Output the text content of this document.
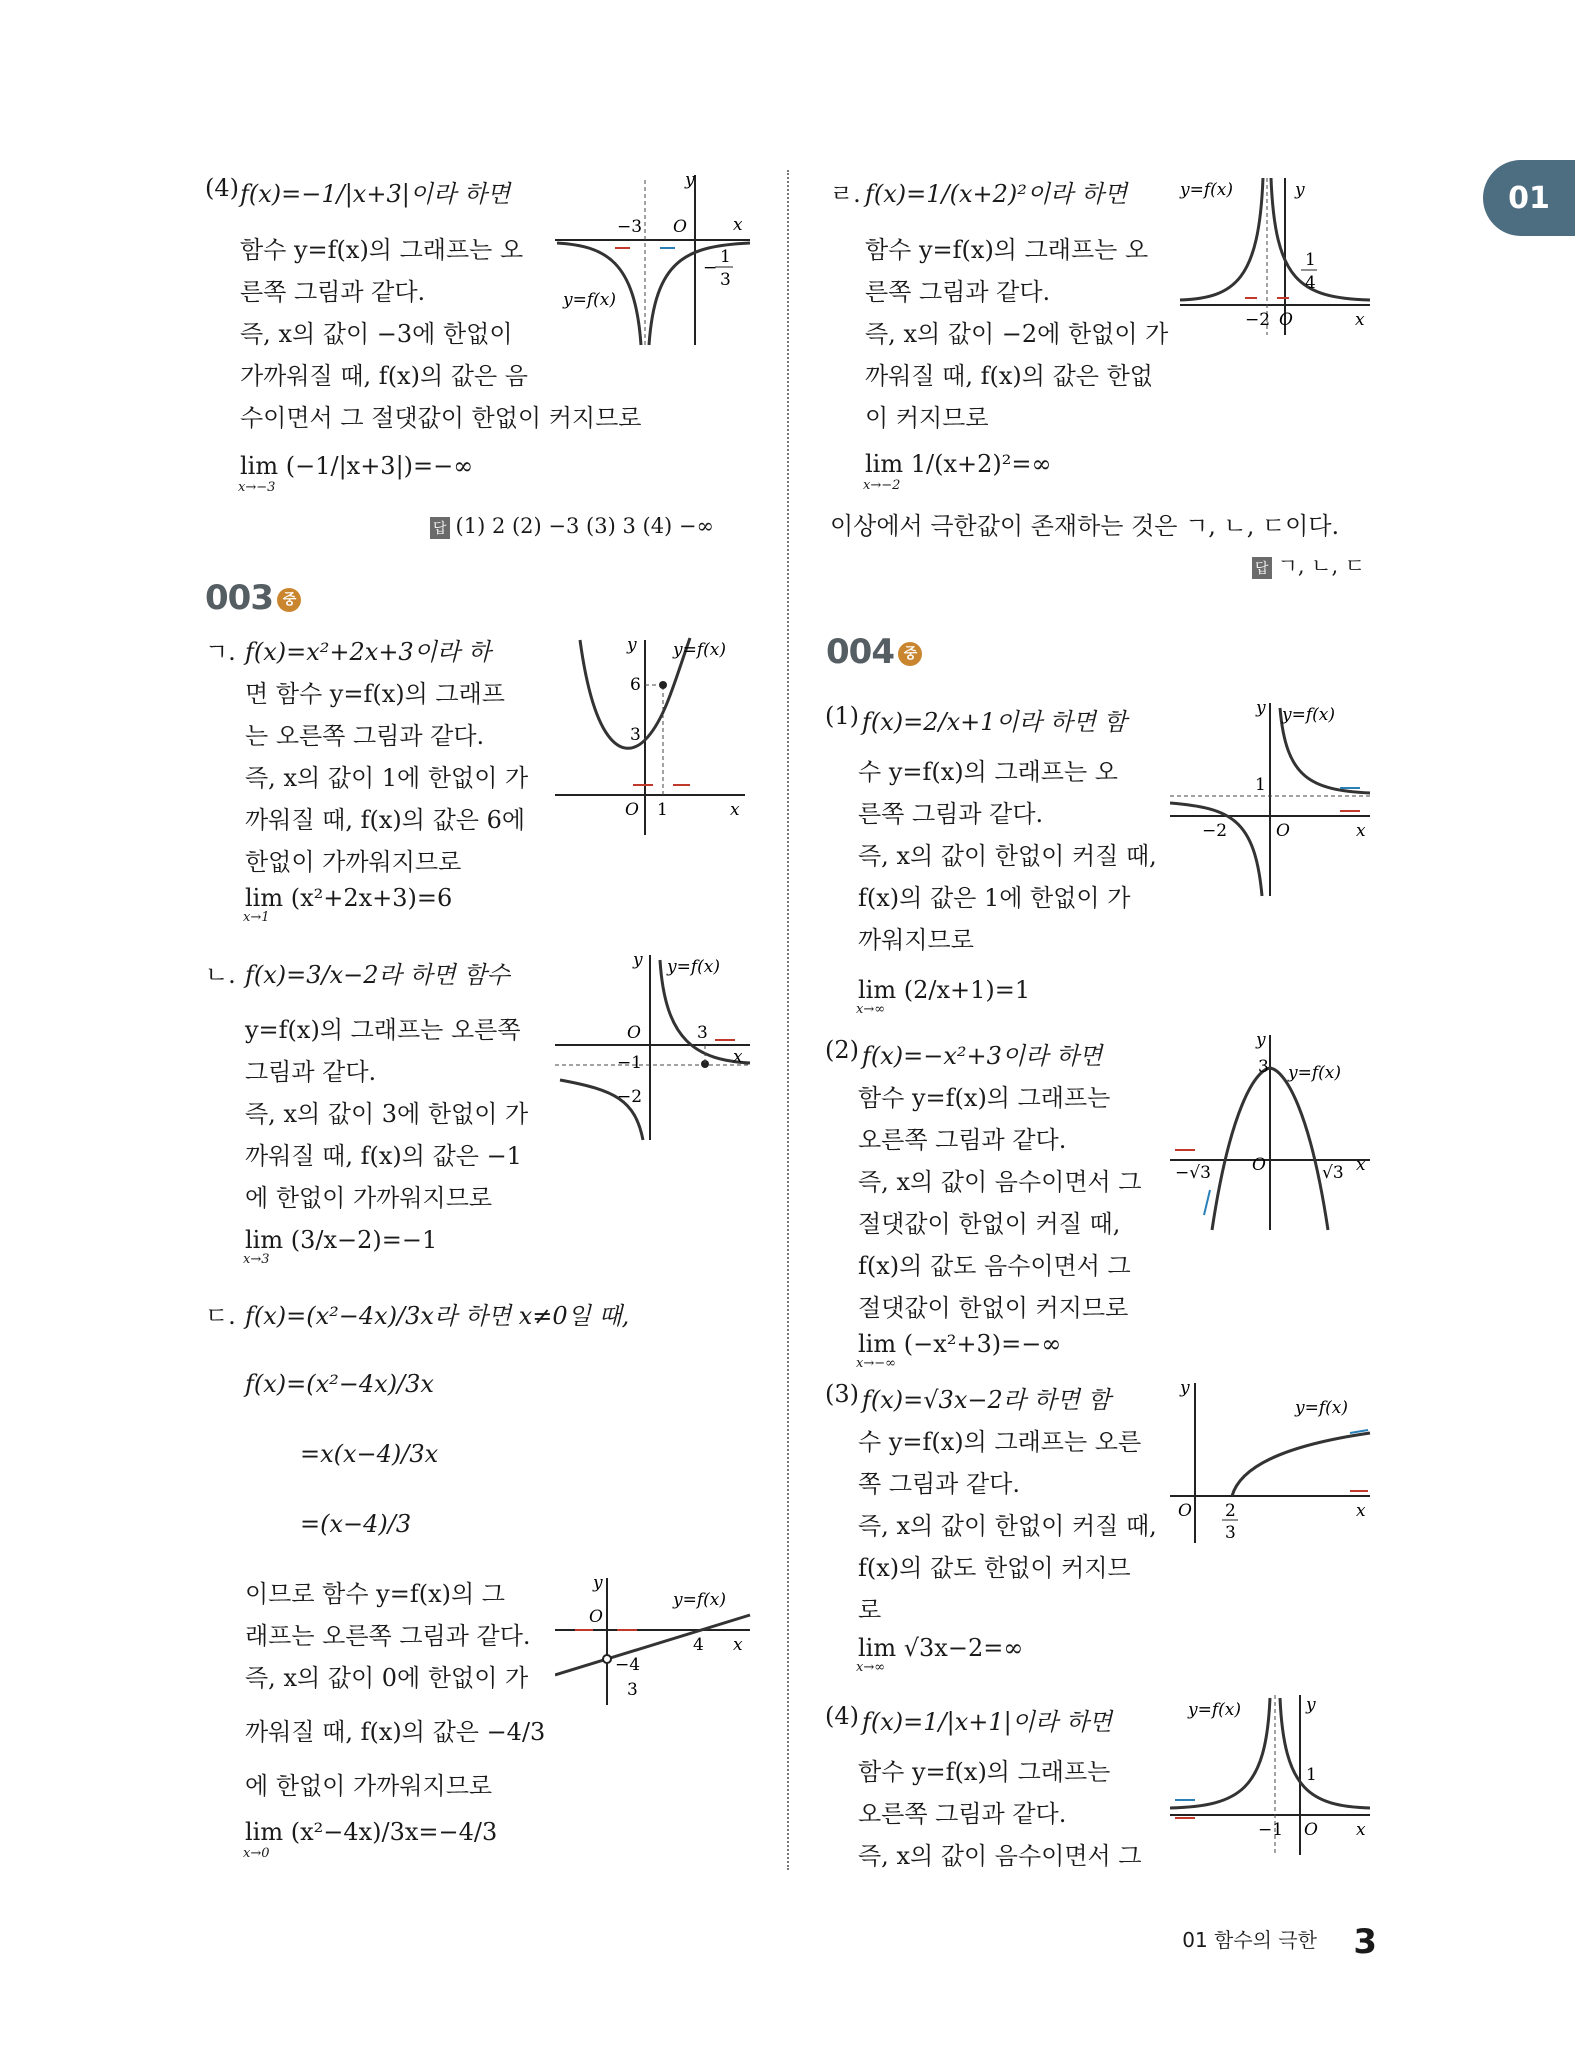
01
(4) f(x)=−1/|x+3|이라 하면
함수 y=f(x)의 그래프는 오
른쪽 그림과 같다.
즉, x의 값이 −3에 한없이
가까워질 때, f(x)의 값은 음
수이면서 그 절댓값이 한없이 커지므로
lim (−1/|x+3|)=−∞
x→−3
−3 O	x
y
y=f(x)
1
3
−
답 (1) 2 (2) −3 (3) 3 (4) −∞
003 중
ㄱ. f(x)=x²+2x+3이라 하
면 함수 y=f(x)의 그래프
는 오른쪽 그림과 같다.
즉, x의 값이 1에 한없이 가
까워질 때, f(x)의 값은 6에
한없이 가까워지므로
lim (x²+2x+3)=6
x→1
6
3
O 1	x
y y=f(x)
ㄴ. f(x)=3/x−2라 하면 함수
y=f(x)의 그래프는 오른쪽
그림과 같다.
즉, x의 값이 3에 한없이 가
까워질 때, f(x)의 값은 −1
에 한없이 가까워지므로
lim (3/x−2)=−1
x→3
O	3
−1
−2
x
y y=f(x)
ㄷ. f(x)=(x²−4x)/3x라 하면 x≠0일 때,
f(x)=(x²−4x)/3x
=x(x−4)/3x
=(x−4)/3
이므로 함수 y=f(x)의 그
래프는 오른쪽 그림과 같다.
즉, x의 값이 0에 한없이 가
까워질 때, f(x)의 값은 −4/3
에 한없이 가까워지므로
lim (x²−4x)/3x=−4/3
x→0
O
y
4 x
y=f(x)
−4
3
ㄹ. f(x)=1/(x+2)²이라 하면
함수 y=f(x)의 그래프는 오
른쪽 그림과 같다.
즉, x의 값이 −2에 한없이 가
까워질 때, f(x)의 값은 한없
이 커지므로
lim 1/(x+2)²=∞
x→−2
y=f(x)	y
−2 O	x
1
4
이상에서 극한값이 존재하는 것은 ㄱ, ㄴ, ㄷ이다.
답 ㄱ, ㄴ, ㄷ
004 중
(1) f(x)=2/x+1이라 하면 함
수 y=f(x)의 그래프는 오
른쪽 그림과 같다.
즉, x의 값이 한없이 커질 때,
f(x)의 값은 1에 한없이 가
까워지므로
lim (2/x+1)=1
x→∞
1
−2	O	x
y y=f(x)
(2) f(x)=−x²+3이라 하면
함수 y=f(x)의 그래프는
오른쪽 그림과 같다.
즉, x의 값이 음수이면서 그
절댓값이 한없이 커질 때,
f(x)의 값도 음수이면서 그
절댓값이 한없이 커지므로
lim (−x²+3)=−∞
x→−∞
3 y=f(x)
y
O	x
−√3	√3
(3) f(x)=√3x−2라 하면 함
수 y=f(x)의 그래프는 오른
쪽 그림과 같다.
즉, x의 값이 한없이 커질 때,
f(x)의 값도 한없이 커지므
로
lim √3x−2=∞
x→∞
y
y=f(x)
O 2
3
x
(4) f(x)=1/|x+1|이라 하면
함수 y=f(x)의 그래프는
오른쪽 그림과 같다.
즉, x의 값이 음수이면서 그
y=f(x)	y
1
−1 O x
01 함수의 극한 3
